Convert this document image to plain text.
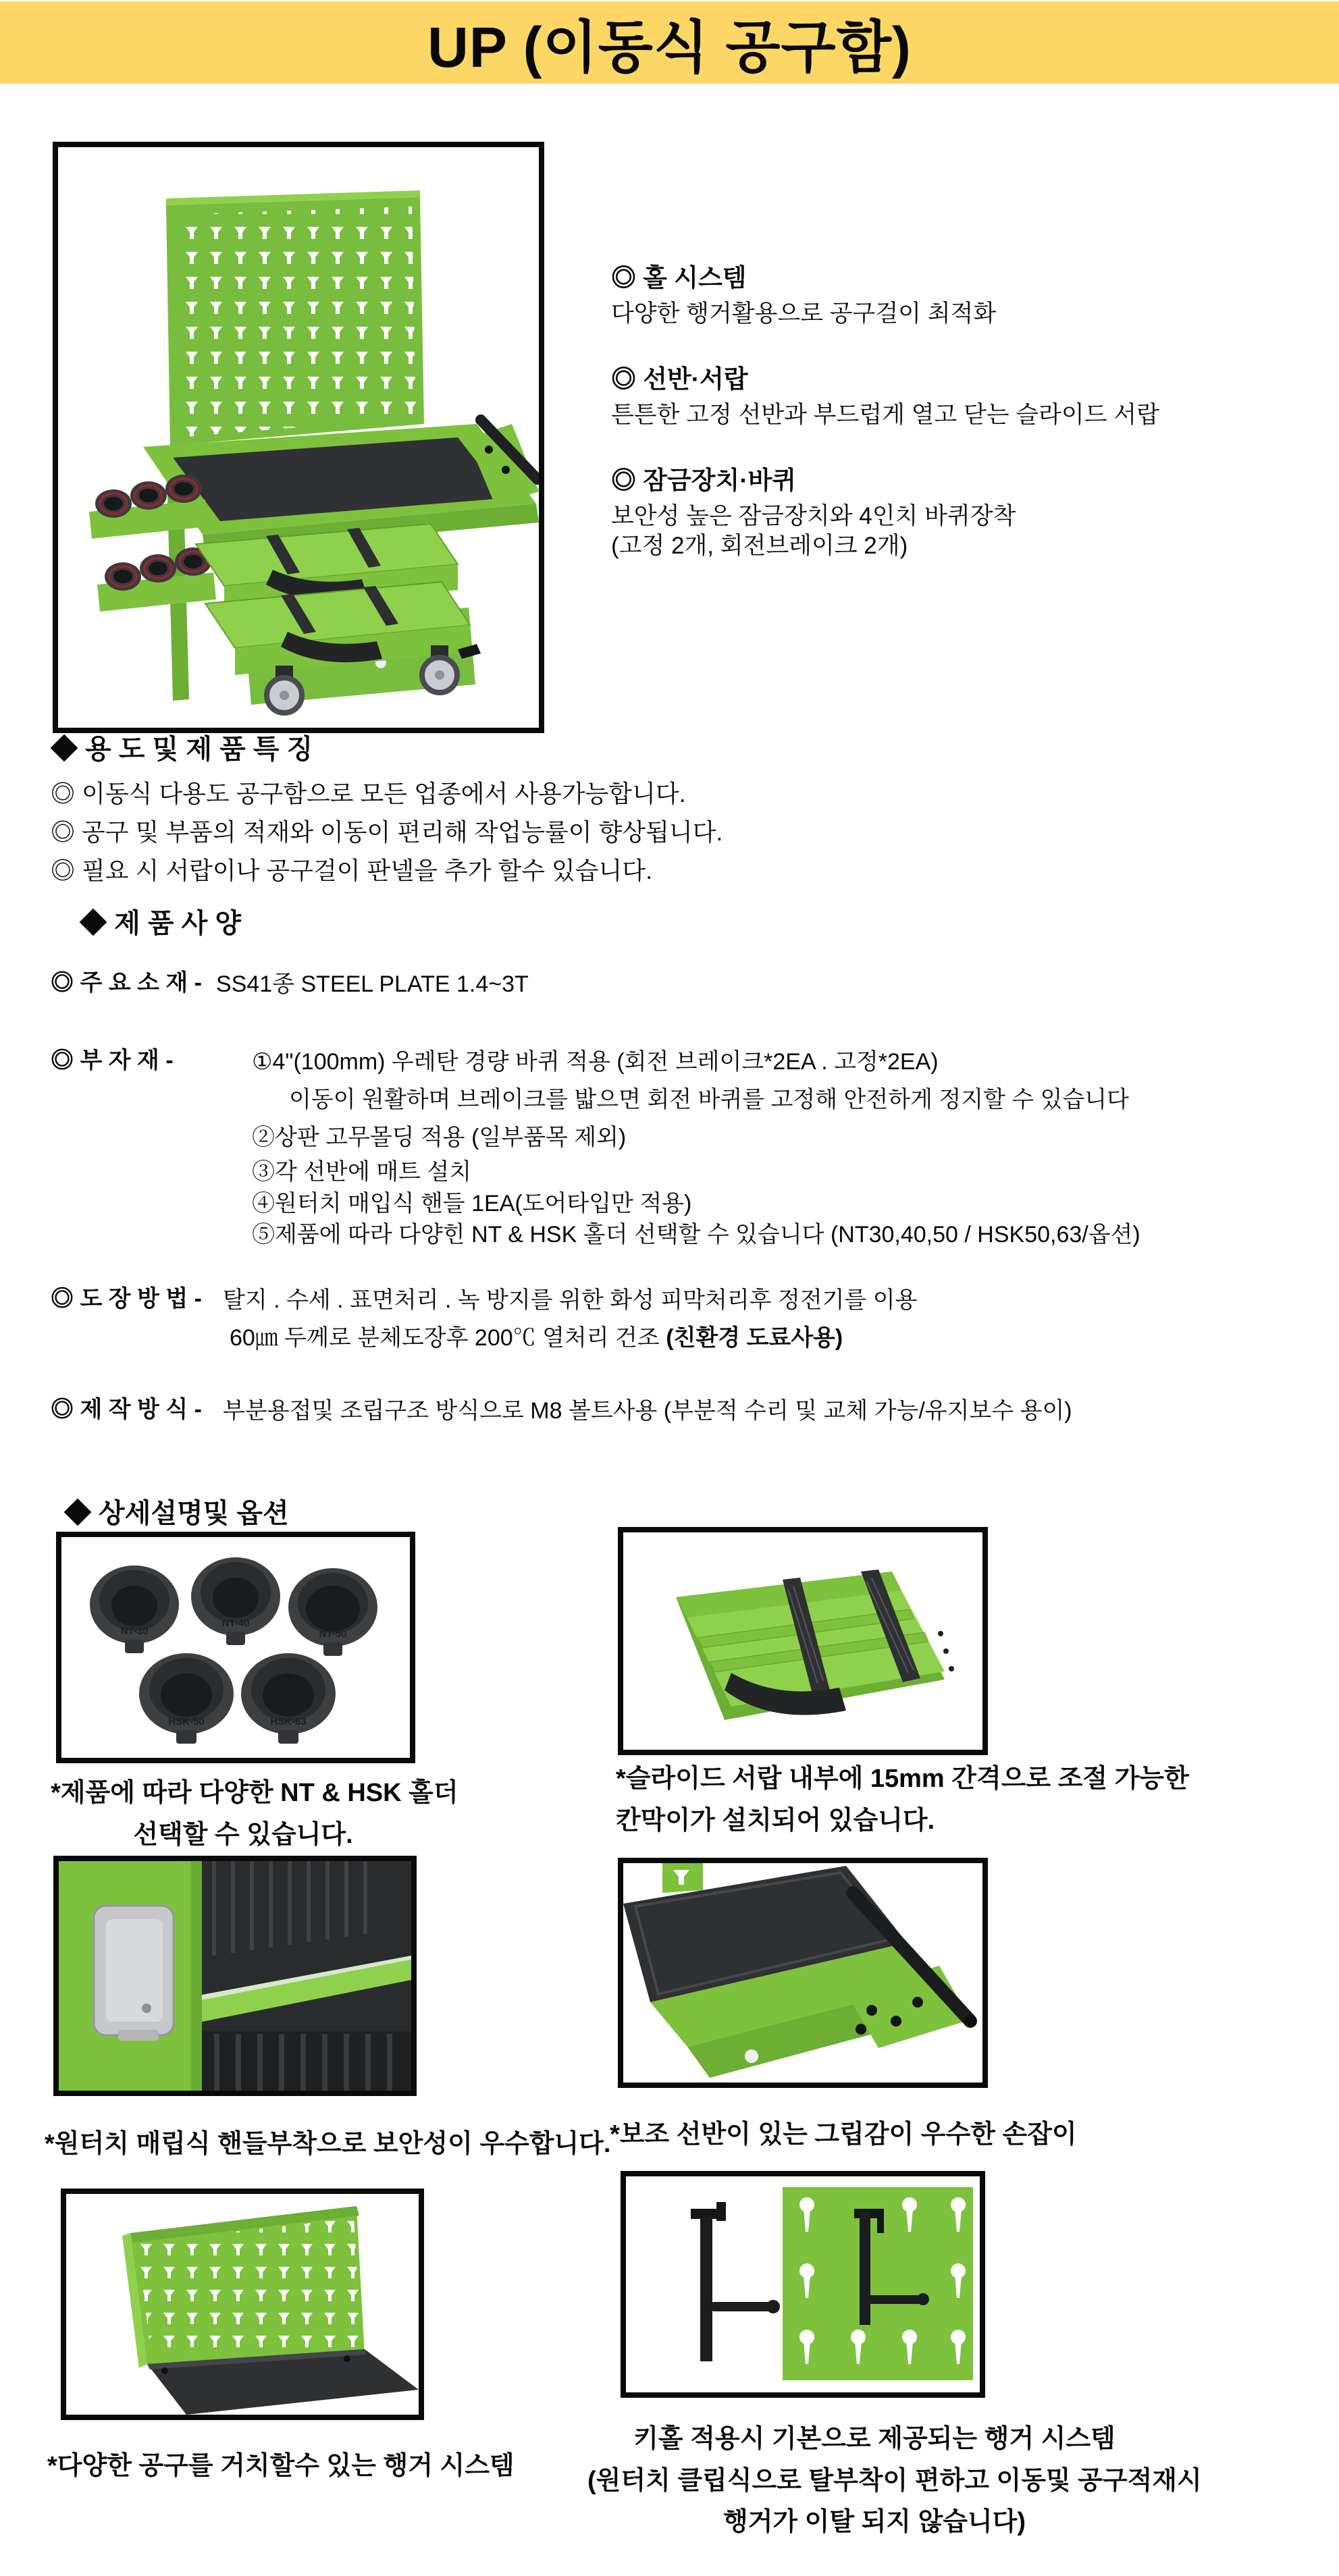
UP (이동식 공구함)
◎ 홀 시스템
다양한 행거활용으로 공구걸이 최적화
◎ 선반·서랍
튼튼한 고정 선반과 부드럽게 열고 닫는 슬라이드 서랍
◎ 잠금장치·바퀴
보안성 높은 잠금장치와 4인치 바퀴장착
(고정 2개, 회전브레이크 2개)
◆ 용 도 및 제 품 특 징
◎ 이동식 다용도 공구함으로 모든 업종에서 사용가능합니다.
◎ 공구 및 부품의 적재와 이동이 편리해 작업능률이 향상됩니다.
◎ 필요 시 서랍이나 공구걸이 판넬을 추가 할수 있습니다.
◆ 제 품 사 양
◎ 주 요 소 재 - SS41종 STEEL PLATE 1.4~3T
◎ 부 자 재 -	①4"(100mm) 우레탄 경량 바퀴 적용 (회전 브레이크*2EA . 고정*2EA)
이동이 원활하며 브레이크를 밟으면 회전 바퀴를 고정해 안전하게 정지할 수 있습니다
②상판 고무몰딩 적용 (일부품목 제외)
③각 선반에 매트 설치
④원터치 매입식 핸들 1EA(도어타입만 적용)
⑤제품에 따라 다양힌 NT & HSK 홀더 선택할 수 있습니다 (NT30,40,50 / HSK50,63/옵션)
◎ 도 장 방 법 - 탈지 . 수세 . 표면처리 . 녹 방지를 위한 화성 피막처리후 정전기를 이용
60㎛ 두께로 분체도장후 200℃ 열처리 건조 (친환경 도료사용)
◎ 제 작 방 식 - 부분용접및 조립구조 방식으로 M8 볼트사용 (부분적 수리 및 교체 가능/유지보수 용이)
◆ 상세설명및 옵션
NT-30
NT-40
NT-50
HSK-50	HSK-63
*제품에 따라 다양한 NT & HSK 홀더
선택할 수 있습니다.
*슬라이드 서랍 내부에 15mm 간격으로 조절 가능한
칸막이가 설치되어 있습니다.
*원터치 매립식 핸들부착으로 보안성이 우수합니다.
*보조 선반이 있는 그립감이 우수한 손잡이
*다양한 공구를 거치할수 있는 행거 시스템
키홀 적용시 기본으로 제공되는 행거 시스템
(원터치 클립식으로 탈부착이 편하고 이동및 공구적재시
행거가 이탈 되지 않습니다)
